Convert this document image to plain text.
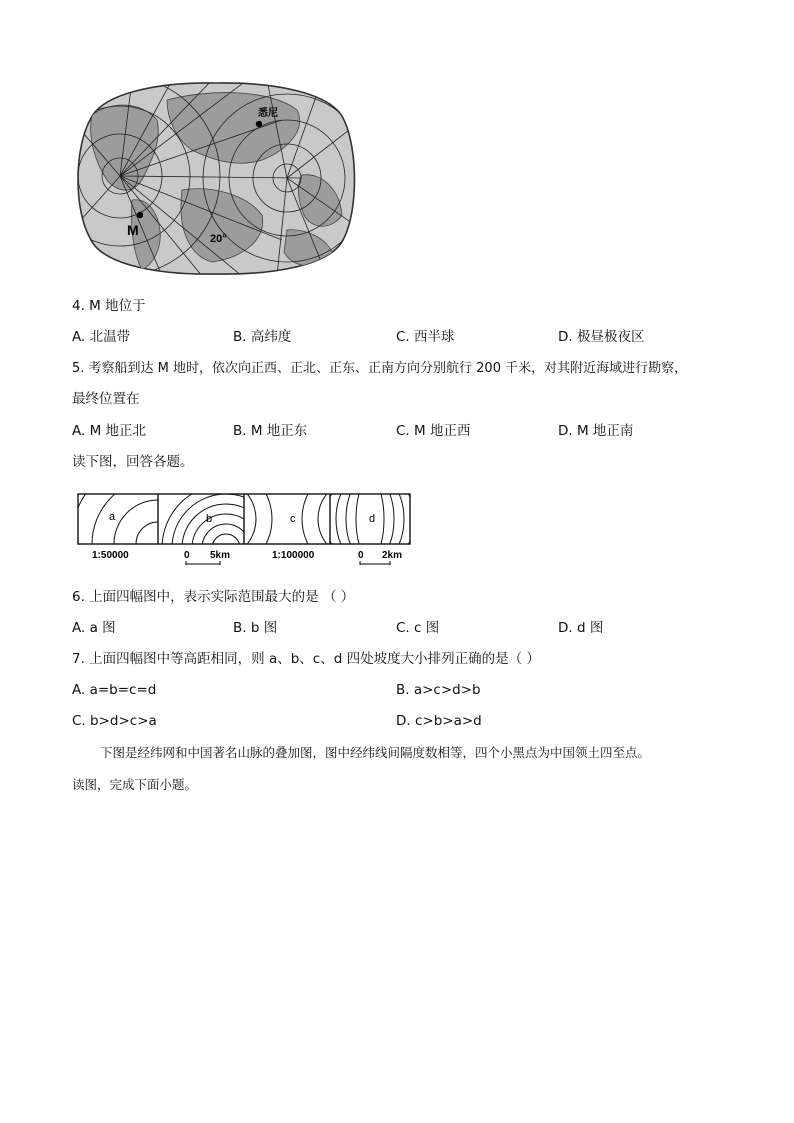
悉尼
M
20°
4. M 地位于
A. 北温带	B. 高纬度	C. 西半球	D. 极昼极夜区
5. 考察船到达 M 地时，依次向正西、正北、正东、正南方向分别航行 200 千米，对其附近海域进行勘察，
最终位置在
A. M 地正北	B. M 地正东	C. M 地正西	D. M 地正南
读下图，回答各题。
a	b	c	d
1:50000	0 5km	1:100000	0 2km
6. 上面四幅图中，表示实际范围最大的是 （ ）
A. a 图	B. b 图	C. c 图	D. d 图
7. 上面四幅图中等高距相同，则 a、b、c、d 四处坡度大小排列正确的是（ ）
A. a=b=c=d	B. a>c>d>b
C. b>d>c>a	D. c>b>a>d
下图是经纬网和中国著名山脉的叠加图，图中经纬线间隔度数相等，四个小黑点为中国领土四至点。
读图，完成下面小题。
